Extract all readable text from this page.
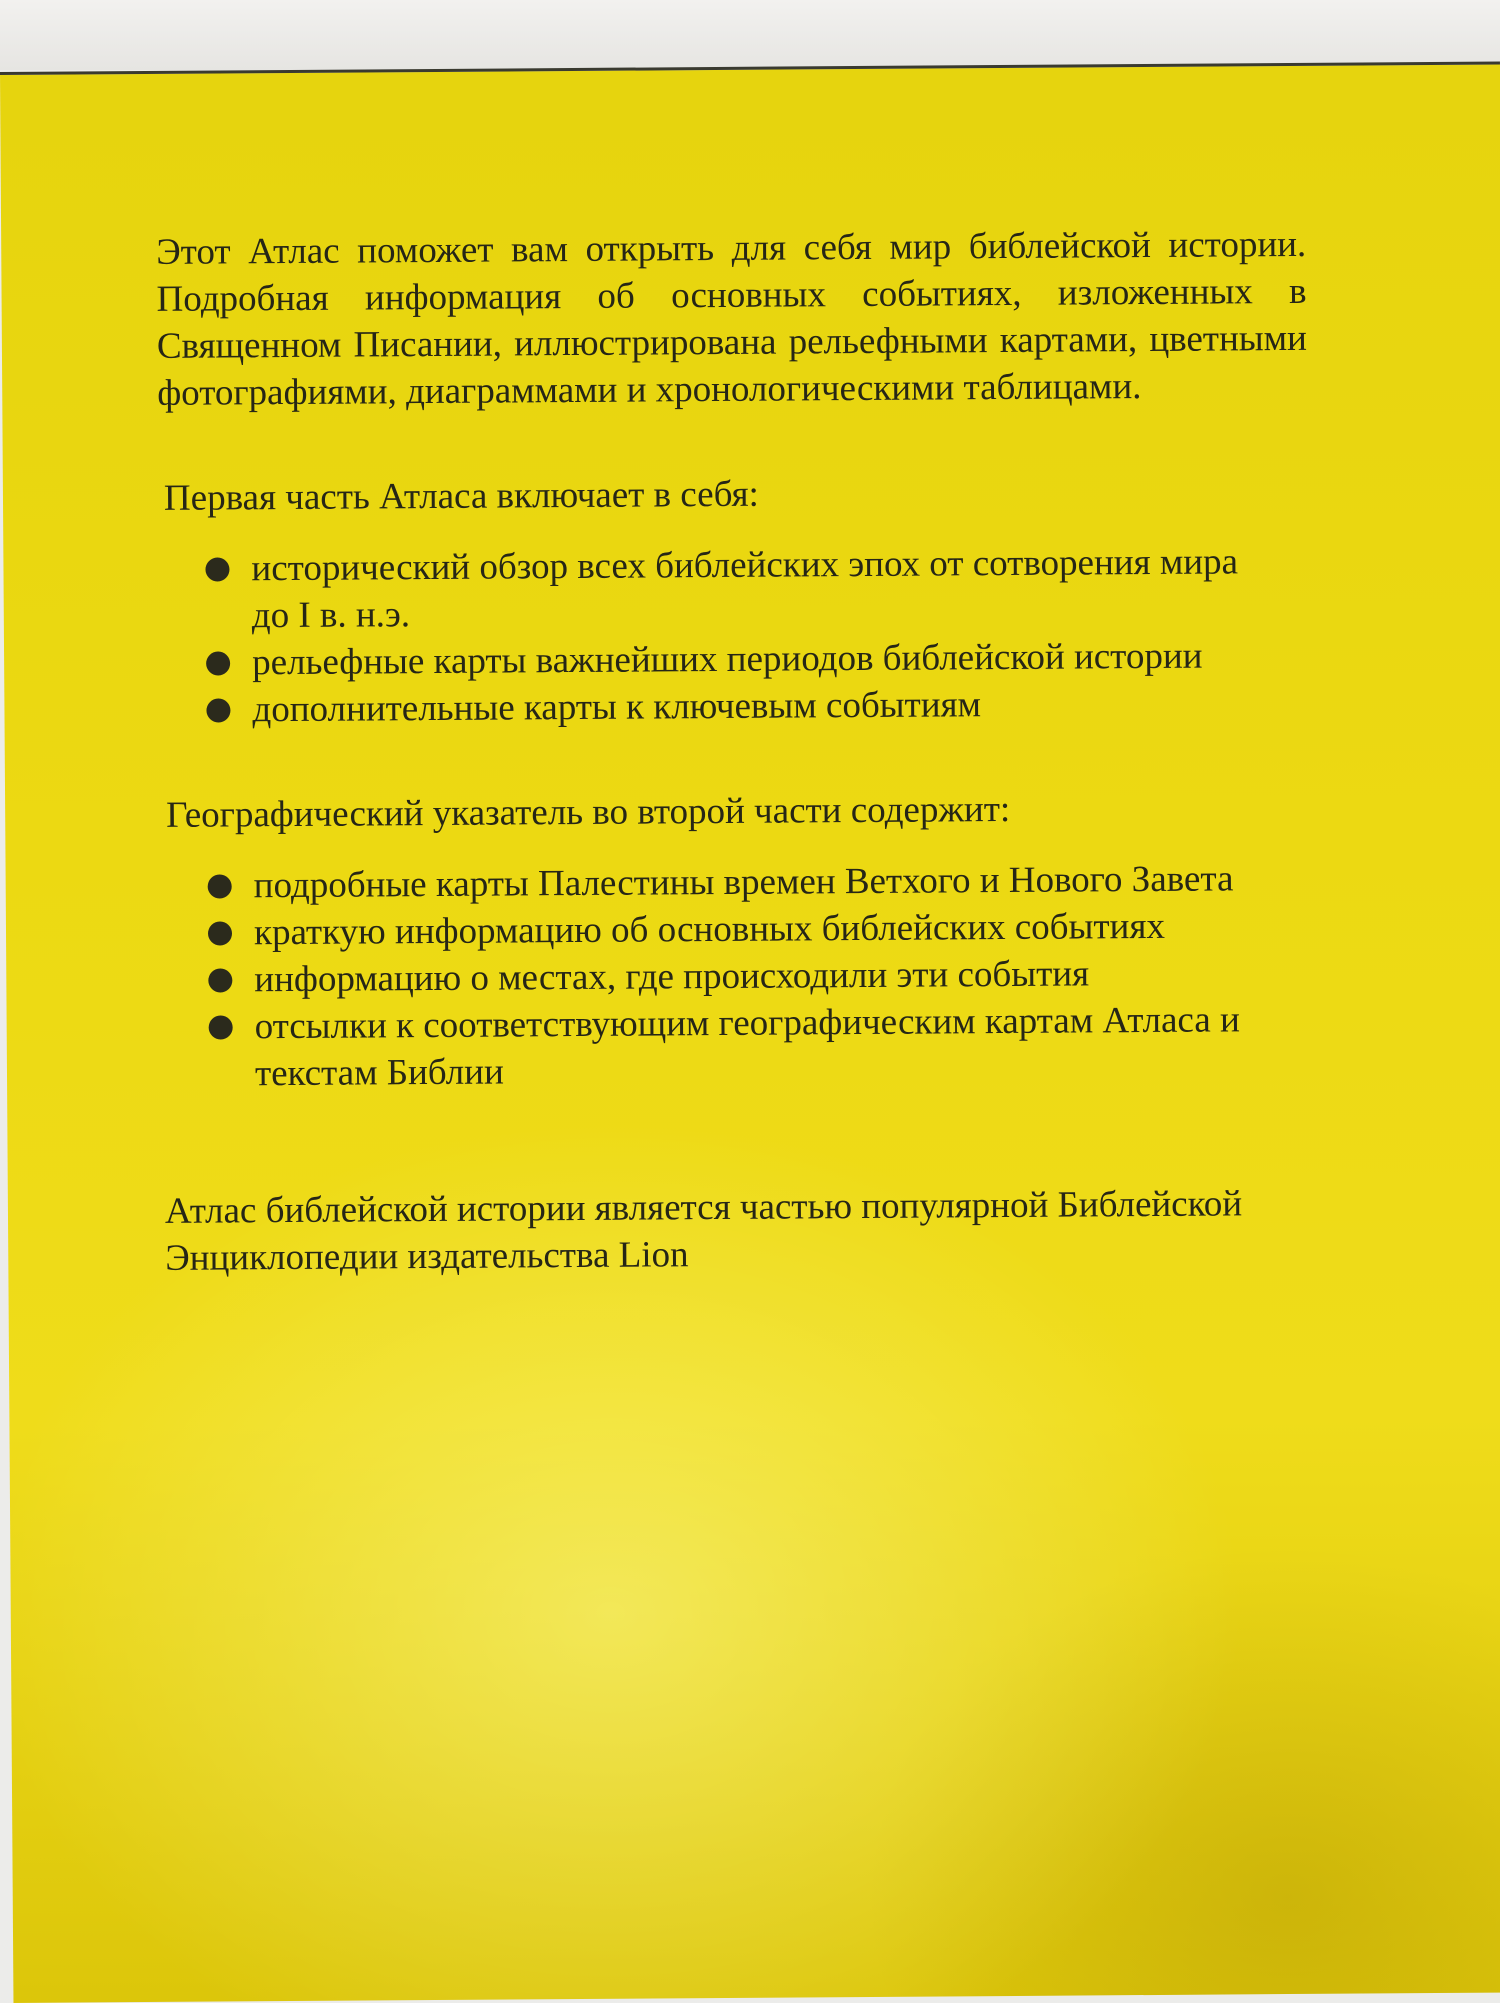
Этот Атлас поможет вам открыть для себя мир библейской истории. Подробная информация об основных событиях, изложенных в Священном Писании, иллюстрирована рельефными картами, цветными фотографиями, диаграммами и хронологическими таблицами.

Первая часть Атласа включает в себя:
исторический обзор всех библейских эпох от сотворения мира до I в. н.э.
рельефные карты важнейших периодов библейской истории
дополнительные карты к ключевым событиям
Географический указатель во второй части содержит:
подробные карты Палестины времен Ветхого и Нового Завета
краткую информацию об основных библейских событиях
информацию о местах, где происходили эти события
отсылки к соответствующим географическим картам Атласа и текстам Библии

Атлас библейской истории является частью популярной Библейской Энциклопедии издательства Lion
